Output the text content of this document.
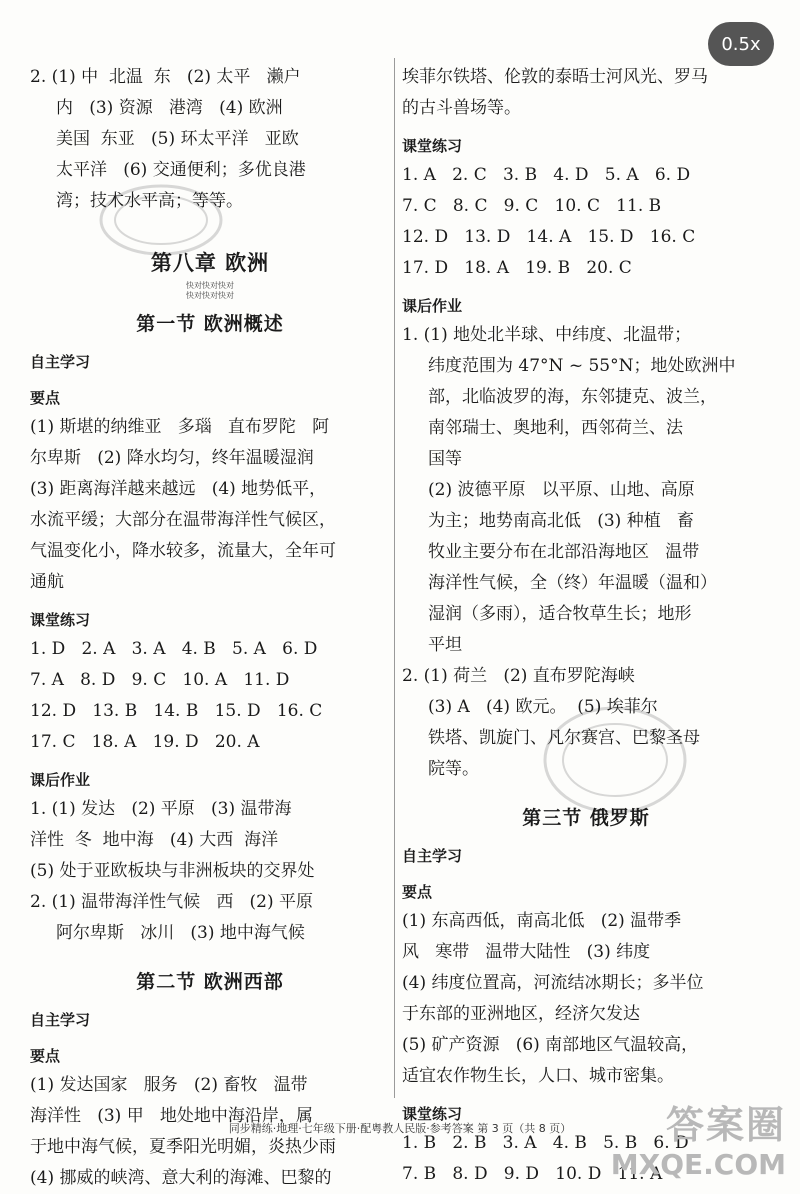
0.5x

2. (1) 中  北温  东   (2) 太平   濑户

内   (3) 资源   港湾   (4) 欧洲

美国  东亚   (5) 环太平洋   亚欧

太平洋   (6) 交通便利；多优良港

湾；技术水平高；等等。

第八章 欧洲
快对快对快对
快对快对快对
第一节 欧洲概述
自主学习
要点

(1) 斯堪的纳维亚   多瑙   直布罗陀   阿

尔卑斯   (2) 降水均匀，终年温暖湿润

(3) 距离海洋越来越远   (4) 地势低平，

水流平缓；大部分在温带海洋性气候区，

气温变化小，降水较多，流量大，全年可

通航

课堂练习

1. D   2. A   3. A   4. B   5. A   6. D

7. A   8. D   9. C   10. A   11. D

12. D   13. B   14. B   15. D   16. C

17. C   18. A   19. D   20. A

课后作业

1. (1) 发达   (2) 平原   (3) 温带海

洋性  冬  地中海   (4) 大西  海洋

(5) 处于亚欧板块与非洲板块的交界处

2. (1) 温带海洋性气候   西   (2) 平原

阿尔卑斯   冰川   (3) 地中海气候

第二节 欧洲西部
自主学习
要点

(1) 发达国家   服务   (2) 畜牧   温带

海洋性   (3) 甲   地处地中海沿岸，属

于地中海气候，夏季阳光明媚，炎热少雨

(4) 挪威的峡湾、意大利的海滩、巴黎的

埃菲尔铁塔、伦敦的泰晤士河风光、罗马

的古斗兽场等。

课堂练习

1. A   2. C   3. B   4. D   5. A   6. D

7. C   8. C   9. C   10. C   11. B

12. D   13. D   14. A   15. D   16. C

17. D   18. A   19. B   20. C

课后作业

1. (1) 地处北半球、中纬度、北温带；

纬度范围为 47°N ~ 55°N；地处欧洲中

部，北临波罗的海，东邻捷克、波兰，

南邻瑞士、奥地利，西邻荷兰、法

国等

(2) 波德平原   以平原、山地、高原

为主；地势南高北低   (3) 种植   畜

牧业主要分布在北部沿海地区   温带

海洋性气候，全（终）年温暖（温和）

湿润（多雨），适合牧草生长；地形

平坦

2. (1) 荷兰   (2) 直布罗陀海峡

(3) A   (4) 欧元。  (5) 埃菲尔

铁塔、凯旋门、凡尔赛宫、巴黎圣母

院等。

第三节 俄罗斯
自主学习
要点

(1) 东高西低，南高北低   (2) 温带季

风   寒带   温带大陆性   (3) 纬度

(4) 纬度位置高，河流结冰期长；多半位

于东部的亚洲地区，经济欠发达

(5) 矿产资源   (6) 南部地区气温较高，

适宜农作物生长，人口、城市密集。

课堂练习

1. B   2. B   3. A   4. B   5. B   6. D

7. B   8. D   9. D   10. D   11. A

同步精练·地理·七年级下册·配粤教人民版·参考答案 第 3 页（共 8 页）	答案圈
MXQE.COM
